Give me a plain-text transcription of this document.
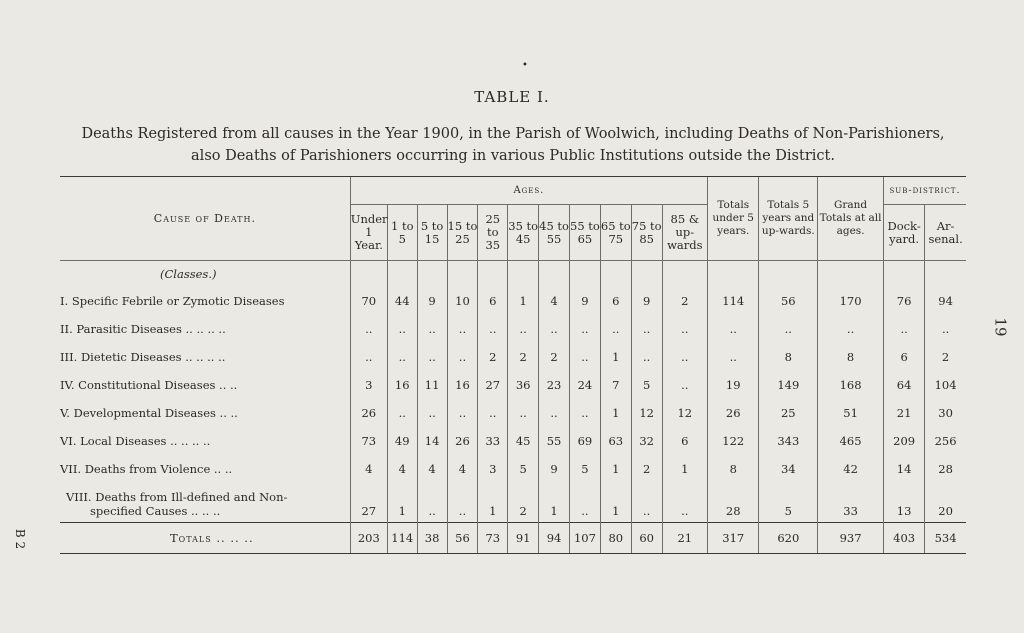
•
19
B 2
TABLE I.
Deaths Registered from all causes in the Year 1900, in the Parish of Woolwich, including Deaths of Non-Parishioners,
also Deaths of Parishioners occurring in various Public Institutions outside the District.
Cause of Death.	Ages.											Totals under 5 years.	Totals 5 years and up-wards.	Grand Totals at all ages.	sub-district.	
	Under 1 Year.	1 to 5	5 to 15	15 to 25	25 to 35	35 to 45	45 to 55	55 to 65	65 to 75	75 to 85	85 & up-wards				Dock-yard.	Ar-senal.
(Classes.)																
I. Specific Febrile or Zymotic Diseases	70	44	9	10	6	1	4	9	6	9	2	114	56	170	76	94
II. Parasitic Diseases .. .. .. ..	..	..	..	..	..	..	..	..	..	..	..	..	..	..	..	..
III. Dietetic Diseases .. .. .. ..	..	..	..	..	2	2	2	..	1	..	..	..	8	8	6	2
IV. Constitutional Diseases .. ..	3	16	11	16	27	36	23	24	7	5	..	19	149	168	64	104
V. Developmental Diseases .. ..	26	..	..	..	..	..	..	..	1	12	12	26	25	51	21	30
VI. Local Diseases .. .. .. ..	73	49	14	26	33	45	55	69	63	32	6	122	343	465	209	256
VII. Deaths from Violence .. ..	4	4	4	4	3	5	9	5	1	2	1	8	34	42	14	28

VIII. Deaths from Ill-defined and Non-
specified Causes .. .. ..	27	1	..	..	1	2	1	..	1	..	..	28	5	33	13	20
Totals .. .. ..	203	114	38	56	73	91	94	107	80	60	21	317	620	937	403	534
